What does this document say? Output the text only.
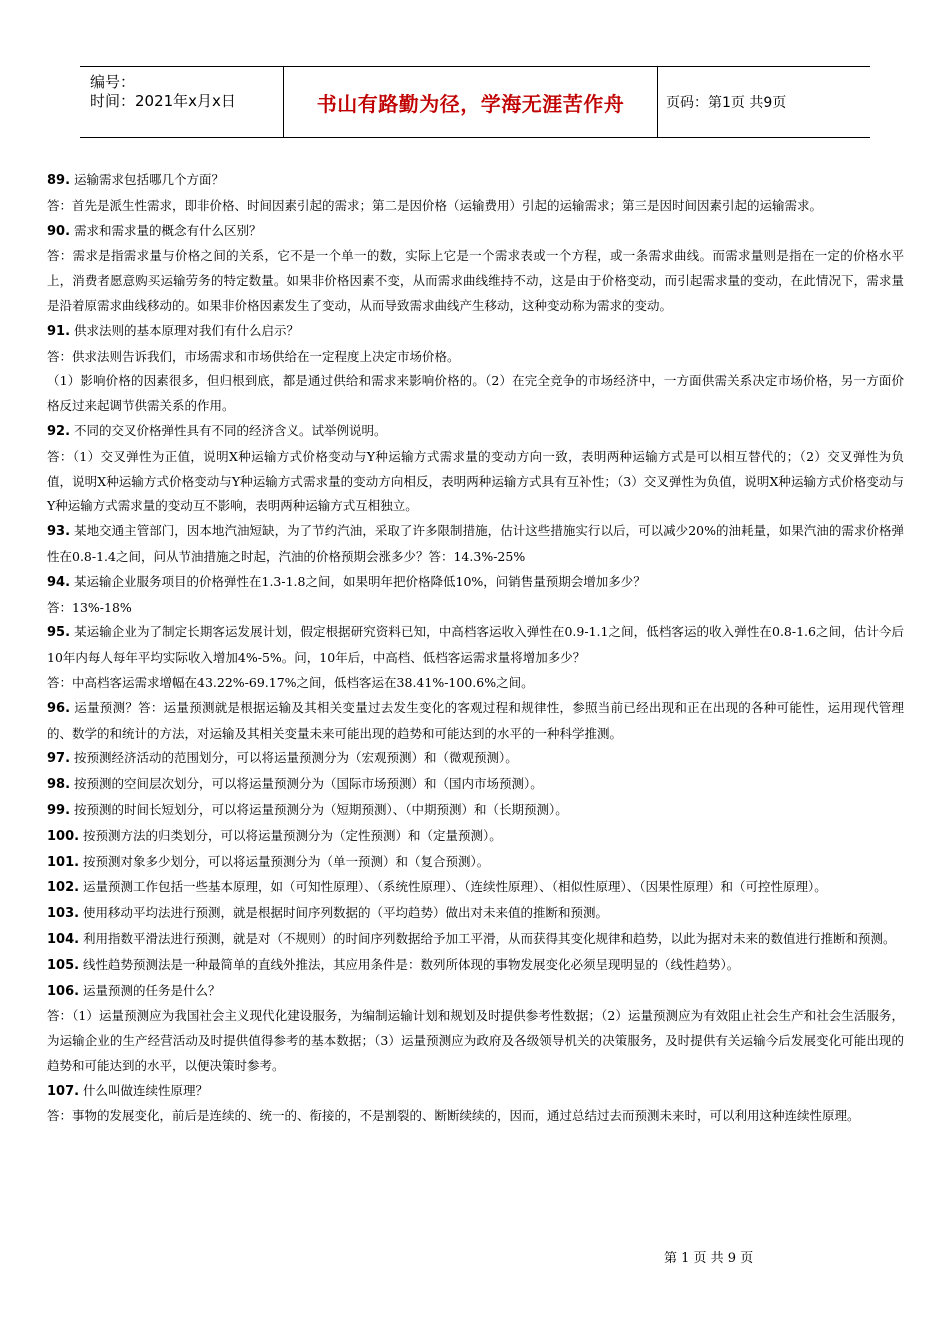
编号：
时间：2021年x月x日	书山有路勤为径，学海无涯苦作舟	页码：第1页 共9页
89. 运输需求包括哪几个方面？
答：首先是派生性需求，即非价格、时间因素引起的需求；第二是因价格（运输费用）引起的运输需求；第三是因时间因素引起的运输需求。
90. 需求和需求量的概念有什么区别？
答：需求是指需求量与价格之间的关系，它不是一个单一的数，实际上它是一个需求表或一个方程，或一条需求曲线。而需求量则是指在一定的价格水平上，消费者愿意购买运输劳务的特定数量。如果非价格因素不变，从而需求曲线维持不动，这是由于价格变动，而引起需求量的变动，在此情况下，需求量是沿着原需求曲线移动的。如果非价格因素发生了变动，从而导致需求曲线产生移动，这种变动称为需求的变动。
91. 供求法则的基本原理对我们有什么启示？
答：供求法则告诉我们，市场需求和市场供给在一定程度上决定市场价格。
（1）影响价格的因素很多，但归根到底，都是通过供给和需求来影响价格的。（2）在完全竞争的市场经济中，一方面供需关系决定市场价格，另一方面价格反过来起调节供需关系的作用。
92. 不同的交叉价格弹性具有不同的经济含义。试举例说明。
答：（1）交叉弹性为正值，说明X种运输方式价格变动与Y种运输方式需求量的变动方向一致，表明两种运输方式是可以相互替代的；（2）交叉弹性为负值，说明X种运输方式价格变动与Y种运输方式需求量的变动方向相反，表明两种运输方式具有互补性；（3）交叉弹性为负值，说明X种运输方式价格变动与Y种运输方式需求量的变动互不影响，表明两种运输方式互相独立。
93. 某地交通主管部门，因本地汽油短缺，为了节约汽油，采取了许多限制措施，估计这些措施实行以后，可以减少20%的油耗量，如果汽油的需求价格弹性在0.8-1.4之间，问从节油措施之时起，汽油的价格预期会涨多少？答：14.3%-25%
94. 某运输企业服务项目的价格弹性在1.3-1.8之间，如果明年把价格降低10%，问销售量预期会增加多少？
答：13%-18%
95. 某运输企业为了制定长期客运发展计划，假定根据研究资料已知，中高档客运收入弹性在0.9-1.1之间，低档客运的收入弹性在0.8-1.6之间，估计今后10年内每人每年平均实际收入增加4%-5%。问，10年后，中高档、低档客运需求量将增加多少？
答：中高档客运需求增幅在43.22%-69.17%之间，低档客运在38.41%-100.6%之间。
96. 运量预测？答：运量预测就是根据运输及其相关变量过去发生变化的客观过程和规律性，参照当前已经出现和正在出现的各种可能性，运用现代管理的、数学的和统计的方法，对运输及其相关变量未来可能出现的趋势和可能达到的水平的一种科学推测。
97. 按预测经济活动的范围划分，可以将运量预测分为（宏观预测）和（微观预测）。
98. 按预测的空间层次划分，可以将运量预测分为（国际市场预测）和（国内市场预测）。
99. 按预测的时间长短划分，可以将运量预测分为（短期预测）、（中期预测）和（长期预测）。
100. 按预测方法的归类划分，可以将运量预测分为（定性预测）和（定量预测）。
101. 按预测对象多少划分，可以将运量预测分为（单一预测）和（复合预测）。
102. 运量预测工作包括一些基本原理，如（可知性原理）、（系统性原理）、（连续性原理）、（相似性原理）、（因果性原理）和（可控性原理）。
103. 使用移动平均法进行预测，就是根据时间序列数据的（平均趋势）做出对未来值的推断和预测。
104. 利用指数平滑法进行预测，就是对（不规则）的时间序列数据给予加工平滑，从而获得其变化规律和趋势，以此为据对未来的数值进行推断和预测。
105. 线性趋势预测法是一种最简单的直线外推法，其应用条件是：数列所体现的事物发展变化必须呈现明显的（线性趋势）。
106. 运量预测的任务是什么？
答：（1）运量预测应为我国社会主义现代化建设服务，为编制运输计划和规划及时提供参考性数据；（2）运量预测应为有效阻止社会生产和社会生活服务，为运输企业的生产经营活动及时提供值得参考的基本数据；（3）运量预测应为政府及各级领导机关的决策服务，及时提供有关运输今后发展变化可能出现的趋势和可能达到的水平，以便决策时参考。
107. 什么叫做连续性原理？
答：事物的发展变化，前后是连续的、统一的、衔接的，不是割裂的、断断续续的，因而，通过总结过去而预测未来时，可以利用这种连续性原理。
第 1 页 共 9 页
